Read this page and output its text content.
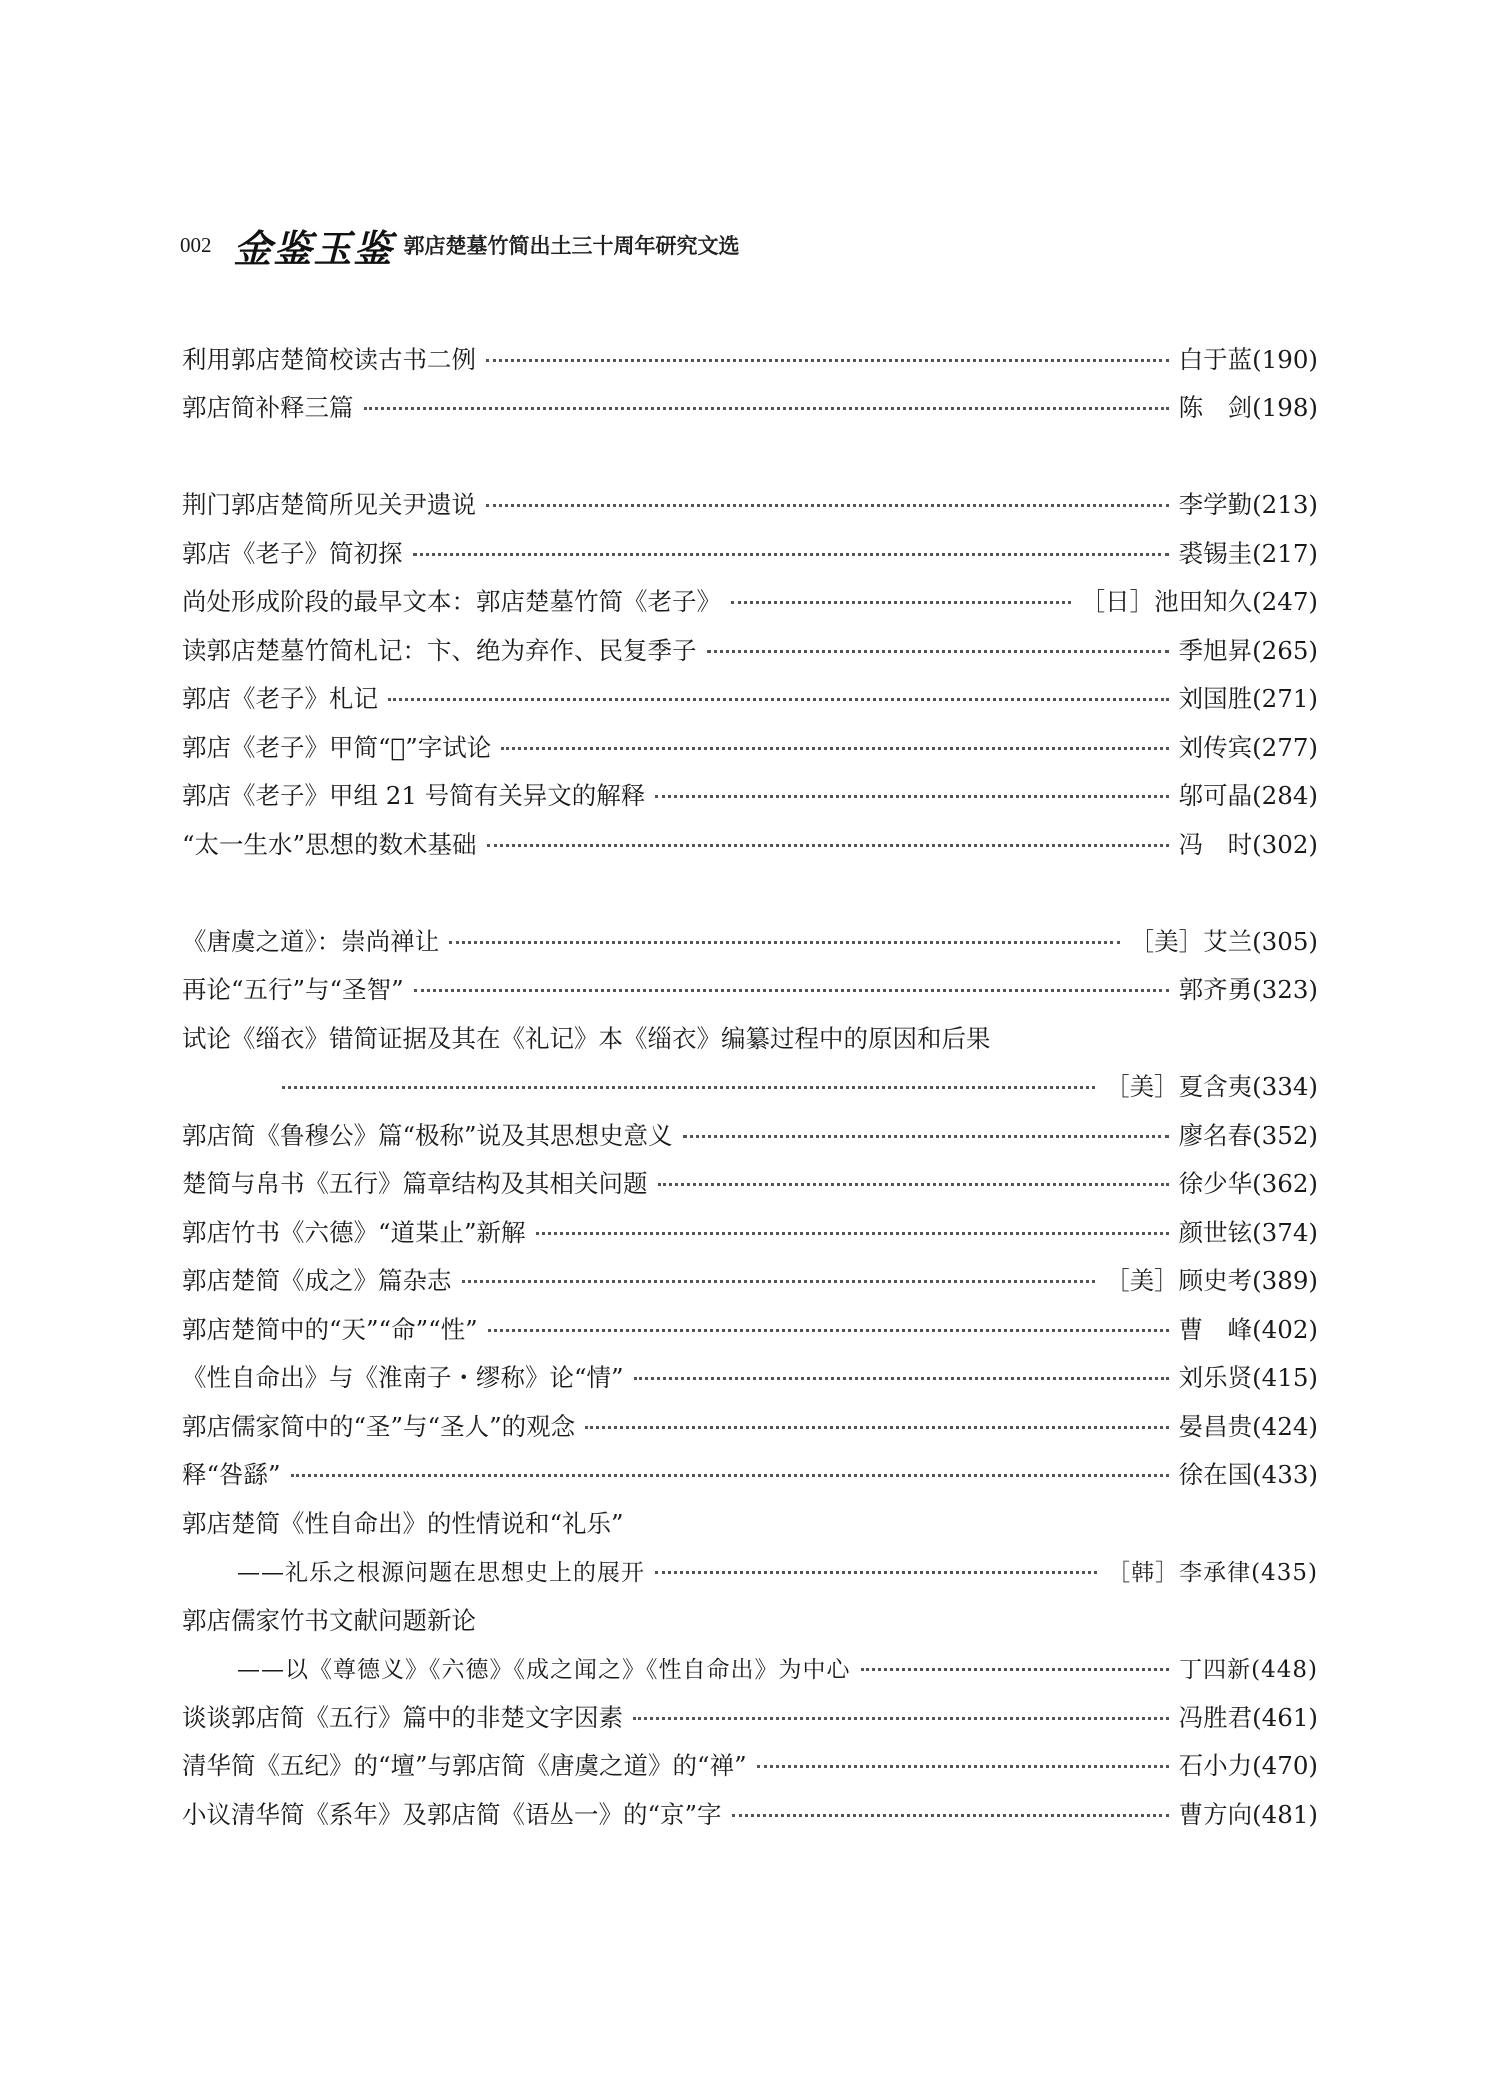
002 金鉴玉鉴 郭店楚墓竹简出土三十周年研究文选
利用郭店楚简校读古书二例	白于蓝(190)
郭店简补释三篇	陈　剑(198)
荆门郭店楚简所见关尹遗说	李学勤(213)
郭店《老子》简初探	裘锡圭(217)
尚处形成阶段的最早文本：郭店楚墓竹简《老子》	［日］池田知久(247)
读郭店楚墓竹简札记：卞、绝为弃作、民复季子	季旭昇(265)
郭店《老子》札记	刘国胜(271)
郭店《老子》甲简“𢑎”字试论	刘传宾(277)
郭店《老子》甲组 21 号简有关异文的解释	邬可晶(284)
“太一生水”思想的数术基础	冯　时(302)
《唐虞之道》：崇尚禅让	［美］艾兰(305)
再论“五行”与“圣智”	郭齐勇(323)
试论《缁衣》错简证据及其在《礼记》本《缁衣》编纂过程中的原因和后果
［美］夏含夷(334)
郭店简《鲁穆公》篇“极称”说及其思想史意义	廖名春(352)
楚简与帛书《五行》篇章结构及其相关问题	徐少华(362)
郭店竹书《六德》“道枼止”新解	颜世铉(374)
郭店楚简《成之》篇杂志	［美］顾史考(389)
郭店楚简中的“天”“命”“性”	曹　峰(402)
《性自命出》与《淮南子・缪称》论“情”	刘乐贤(415)
郭店儒家简中的“圣”与“圣人”的观念	晏昌贵(424)
释“咎繇”	徐在国(433)
郭店楚简《性自命出》的性情说和“礼乐”
——礼乐之根源问题在思想史上的展开	［韩］李承律(435)
郭店儒家竹书文献问题新论
——以《尊德义》《六德》《成之闻之》《性自命出》为中心	丁四新(448)
谈谈郭店简《五行》篇中的非楚文字因素	冯胜君(461)
清华简《五纪》的“壇”与郭店简《唐虞之道》的“禅”	石小力(470)
小议清华简《系年》及郭店简《语丛一》的“京”字	曹方向(481)
